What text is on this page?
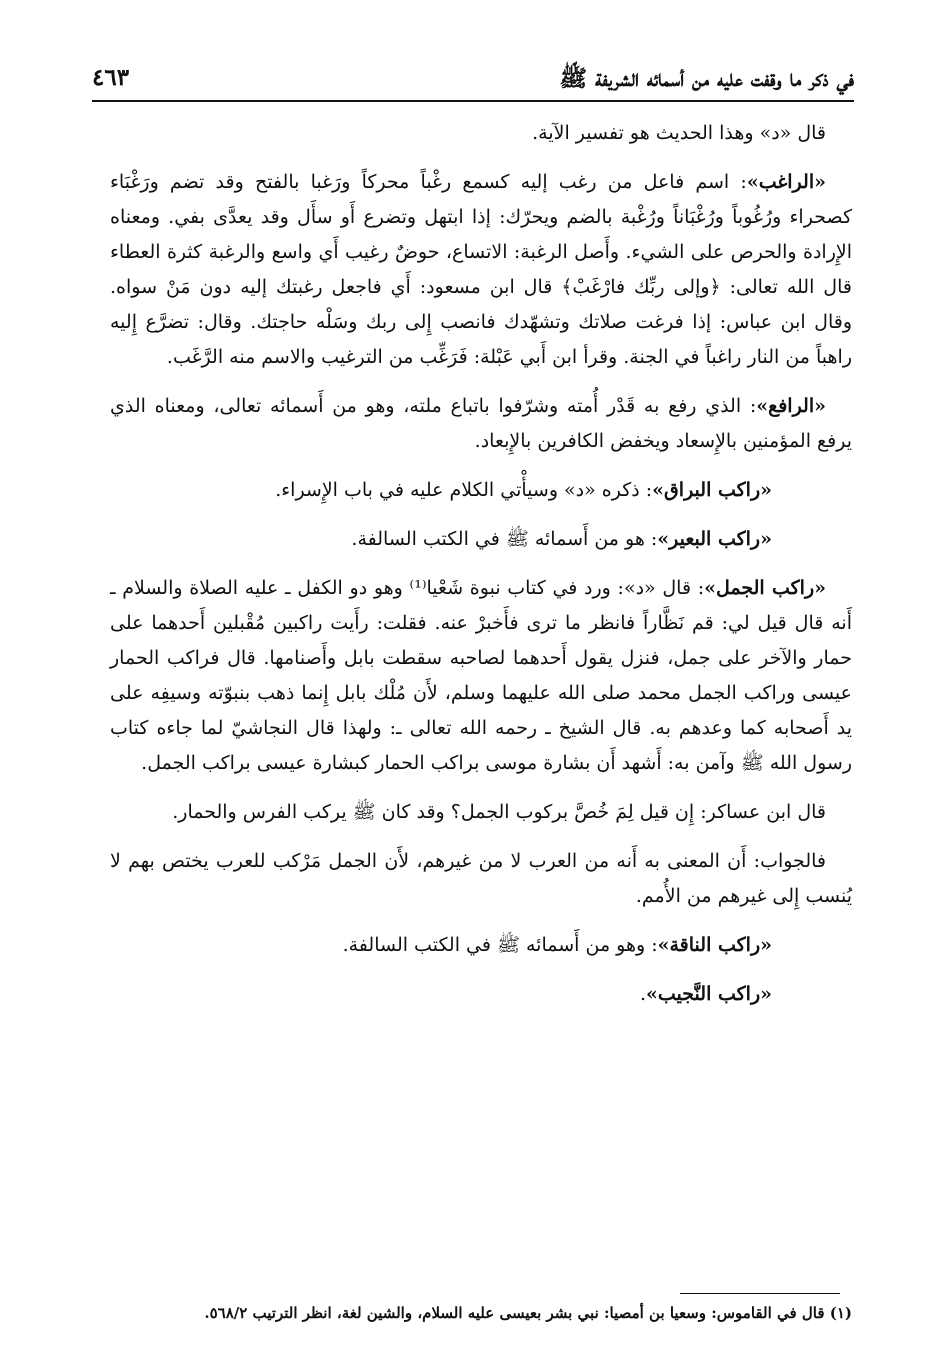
في ذكر ما وقفت عليه من أسمائه الشريفة ﷺ
٤٦٣

قال «د» وهذا الحديث هو تفسير الآية.

«الراغب»: اسم فاعل من رغب إليه كسمع رغْباً محركاً ورَغبا بالفتح وقد تضم ورَغْبَاء كصحراء ورُغُوباً ورُغْبَاناً ورُغْبة بالضم ويحرّك: إذا ابتهل وتضرع أَو سأَل وقد يعدَّى بفي. ومعناه الإِرادة والحرص على الشيء. وأَصل الرغبة: الاتساع، حوضٌ رغيب أَي واسع والرغبة كثرة العطاء قال الله تعالى: ﴿وإلى ربِّك فارْغَبْ﴾ قال ابن مسعود: أَي فاجعل رغبتك إليه دون مَنْ سواه. وقال ابن عباس: إذا فرغت صلاتك وتشهّدك فانصب إِلى ربك وسَلْه حاجتك. وقال: تضرَّع إِليه راهباً من النار راغباً في الجنة. وقرأ ابن أَبي عَبْلة: فَرَغِّب من الترغيب والاسم منه الرَّغَب.

«الرافع»: الذي رفع به قَدْر أُمته وشرّفوا باتباع ملته، وهو من أَسمائه تعالى، ومعناه الذي يرفع المؤمنين بالإِسعاد ويخفض الكافرين بالإِبعاد.

«راكب البراق»: ذكره «د» وسيأْتي الكلام عليه في باب الإِسراء.

«راكب البعير»: هو من أَسمائه ﷺ في الكتب السالفة.

«راكب الجمل»: قال «د»: ورد في كتاب نبوة شَعْيا⁽¹⁾ وهو دو الكفل ـ عليه الصلاة والسلام ـ أَنه قال قيل لي: قم نَظَّاراً فانظر ما ترى فأَخبرْ عنه. فقلت: رأَيت راكبين مُقْبلين أَحدهما على حمار والآخر على جمل، فنزل يقول أَحدهما لصاحبه سقطت بابل وأَصنامها. قال فراكب الحمار عيسى وراكب الجمل محمد صلى الله عليهما وسلم، لأَن مُلْك بابل إِنما ذهب بنبوّته وسيفِه على يد أَصحابه كما وعدهم به. قال الشيخ ـ رحمه الله تعالى ـ: ولهذا قال النجاشيّ لما جاءه كتاب رسول الله ﷺ وآمن به: أَشهد أَن بشارة موسى براكب الحمار كبشارة عيسى براكب الجمل.

قال ابن عساكر: إِن قيل لِمَ خُصَّ بركوب الجمل؟ وقد كان ﷺ يركب الفرس والحمار.

فالجواب: أَن المعنى به أَنه من العرب لا من غيرهم، لأَن الجمل مَرْكب للعرب يختص بهم لا يُنسب إِلى غيرهم من الأُمم.

«راكب الناقة»: وهو من أَسمائه ﷺ في الكتب السالفة.

«راكب النَّجيب».

(١) قال في القاموس: وسعيا بن أمصيا: نبي بشر بعيسى عليه السلام، والشين لغة، انظر الترتيب ٥٦٨/٢.
